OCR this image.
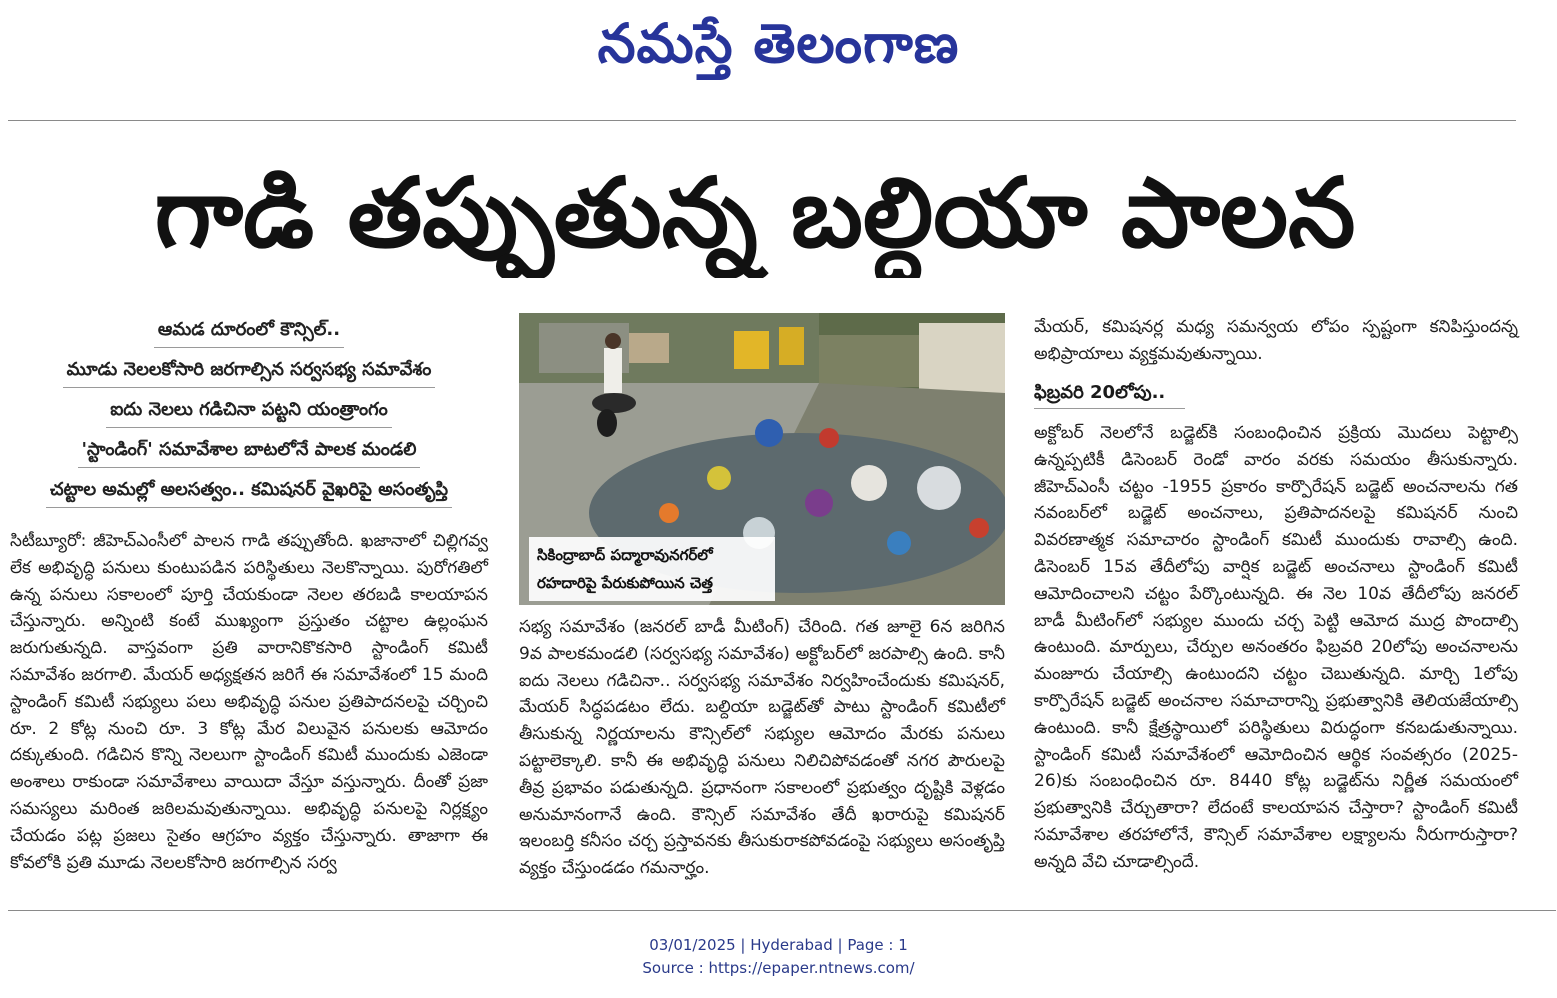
నమస్తే తెలంగాణ
గాడి తప్పుతున్న బల్దియా పాలన
ఆమడ దూరంలో కౌన్సిల్..
మూడు నెలలకోసారి జరగాల్సిన సర్వసభ్య సమావేశం
ఐదు నెలలు గడిచినా పట్టని యంత్రాంగం
'స్టాండింగ్' సమావేశాల బాటలోనే పాలక మండలి
చట్టాల అమల్లో అలసత్వం.. కమిషనర్ వైఖరిపై అసంతృప్తి
సిటీబ్యూరో: జీహెచ్ఎంసీలో పాలన గాడి తప్పుతోంది. ఖజానాలో చిల్లిగవ్వ లేక అభివృద్ధి పనులు కుంటుపడిన పరిస్థితులు నెలకొన్నాయి. పురోగతిలో ఉన్న పనులు సకాలంలో పూర్తి చేయకుండా నెలల తరబడి కాలయాపన చేస్తున్నారు. అన్నింటి కంటే ముఖ్యంగా ప్రస్తుతం చట్టాల ఉల్లంఘన జరుగుతున్నది. వాస్తవంగా ప్రతి వారానికొకసారి స్టాండింగ్ కమిటీ సమావేశం జరగాలి. మేయర్ అధ్యక్షతన జరిగే ఈ సమావేశంలో 15 మంది స్టాండింగ్ కమిటీ సభ్యులు పలు అభివృద్ధి పనుల ప్రతిపాదనలపై చర్చించి రూ. 2 కోట్ల నుంచి రూ. 3 కోట్ల మేర విలువైన పనులకు ఆమోదం దక్కుతుంది. గడిచిన కొన్ని నెలలుగా స్టాండింగ్ కమిటీ ముందుకు ఎజెండా అంశాలు రాకుండా సమావేశాలు వాయిదా వేస్తూ వస్తున్నారు. దీంతో ప్రజా సమస్యలు మరింత జఠిలమవుతున్నాయి. అభివృద్ధి పనులపై నిర్లక్ష్యం చేయడం పట్ల ప్రజలు సైతం ఆగ్రహం వ్యక్తం చేస్తున్నారు. తాజాగా ఈ కోవలోకి ప్రతి మూడు నెలలకోసారి జరగాల్సిన సర్వ
సికింద్రాబాద్ పద్మారావునగర్‌లో
రహదారిపై పేరుకుపోయిన చెత్త
సభ్య సమావేశం (జనరల్ బాడీ మీటింగ్) చేరింది. గత జూలై 6న జరిగిన 9వ పాలకమండలి (సర్వసభ్య సమావేశం) అక్టోబర్‌లో జరపాల్సి ఉంది. కానీ ఐదు నెలలు గడిచినా.. సర్వసభ్య సమావేశం నిర్వహించేందుకు కమిషనర్, మేయర్ సిద్ధపడటం లేదు. బల్దియా బడ్జెట్‌తో పాటు స్టాండింగ్ కమిటీలో తీసుకున్న నిర్ణయాలను కౌన్సిల్‌లో సభ్యుల ఆమోదం మేరకు పనులు పట్టాలెక్కాలి. కానీ ఈ అభివృద్ధి పనులు నిలిచిపోవడంతో నగర పౌరులపై తీవ్ర ప్రభావం పడుతున్నది. ప్రధానంగా సకాలంలో ప్రభుత్వం దృష్టికి వెళ్లడం అనుమానంగానే ఉంది. కౌన్సిల్ సమావేశం తేదీ ఖరారుపై కమిషనర్ ఇలంబర్తి కనీసం చర్చ ప్రస్తావనకు తీసుకురాకపోవడంపై సభ్యులు అసంతృప్తి వ్యక్తం చేస్తుండడం గమనార్హం.
మేయర్, కమిషనర్ల మధ్య సమన్వయ లోపం స్పష్టంగా కనిపిస్తుందన్న అభిప్రాయాలు వ్యక్తమవుతున్నాయి.
ఫిబ్రవరి 20లోపు..
అక్టోబర్ నెలలోనే బడ్జెట్‌కి సంబంధించిన ప్రక్రియ మొదలు పెట్టాల్సి ఉన్నప్పటికీ డిసెంబర్ రెండో వారం వరకు సమయం తీసుకున్నారు. జీహెచ్ఎంసీ చట్టం -1955 ప్రకారం కార్పొరేషన్ బడ్జెట్ అంచనాలను గత నవంబర్‌లో బడ్జెట్ అంచనాలు, ప్రతిపాదనలపై కమిషనర్ నుంచి వివరణాత్మక సమాచారం స్టాండింగ్ కమిటీ ముందుకు రావాల్సి ఉంది. డిసెంబర్ 15వ తేదీలోపు వార్షిక బడ్జెట్ అంచనాలు స్టాండింగ్ కమిటీ ఆమోదించాలని చట్టం పేర్కొంటున్నది. ఈ నెల 10వ తేదీలోపు జనరల్ బాడీ మీటింగ్‌లో సభ్యుల ముందు చర్చ పెట్టి ఆమోద ముద్ర పొందాల్సి ఉంటుంది. మార్పులు, చేర్పుల అనంతరం ఫిబ్రవరి 20లోపు అంచనాలను మంజూరు చేయాల్సి ఉంటుందని చట్టం చెబుతున్నది. మార్చి 1లోపు కార్పొరేషన్ బడ్జెట్ అంచనాల సమాచారాన్ని ప్రభుత్వానికి తెలియజేయాల్సి ఉంటుంది. కానీ క్షేత్రస్థాయిలో పరిస్థితులు విరుద్ధంగా కనబడుతున్నాయి. స్టాండింగ్ కమిటీ సమావేశంలో ఆమోదించిన ఆర్థిక సంవత్సరం (2025-26)కు సంబంధించిన రూ. 8440 కోట్ల బడ్జెట్‌ను నిర్ణీత సమయంలో ప్రభుత్వానికి చేర్చుతారా? లేదంటే కాలయాపన చేస్తారా? స్టాండింగ్ కమిటీ సమావేశాల తరహాలోనే, కౌన్సిల్ సమావేశాల లక్ష్యాలను నీరుగారుస్తారా? అన్నది వేచి చూడాల్సిందే.
03/01/2025 | Hyderabad | Page : 1
Source : https://epaper.ntnews.com/
